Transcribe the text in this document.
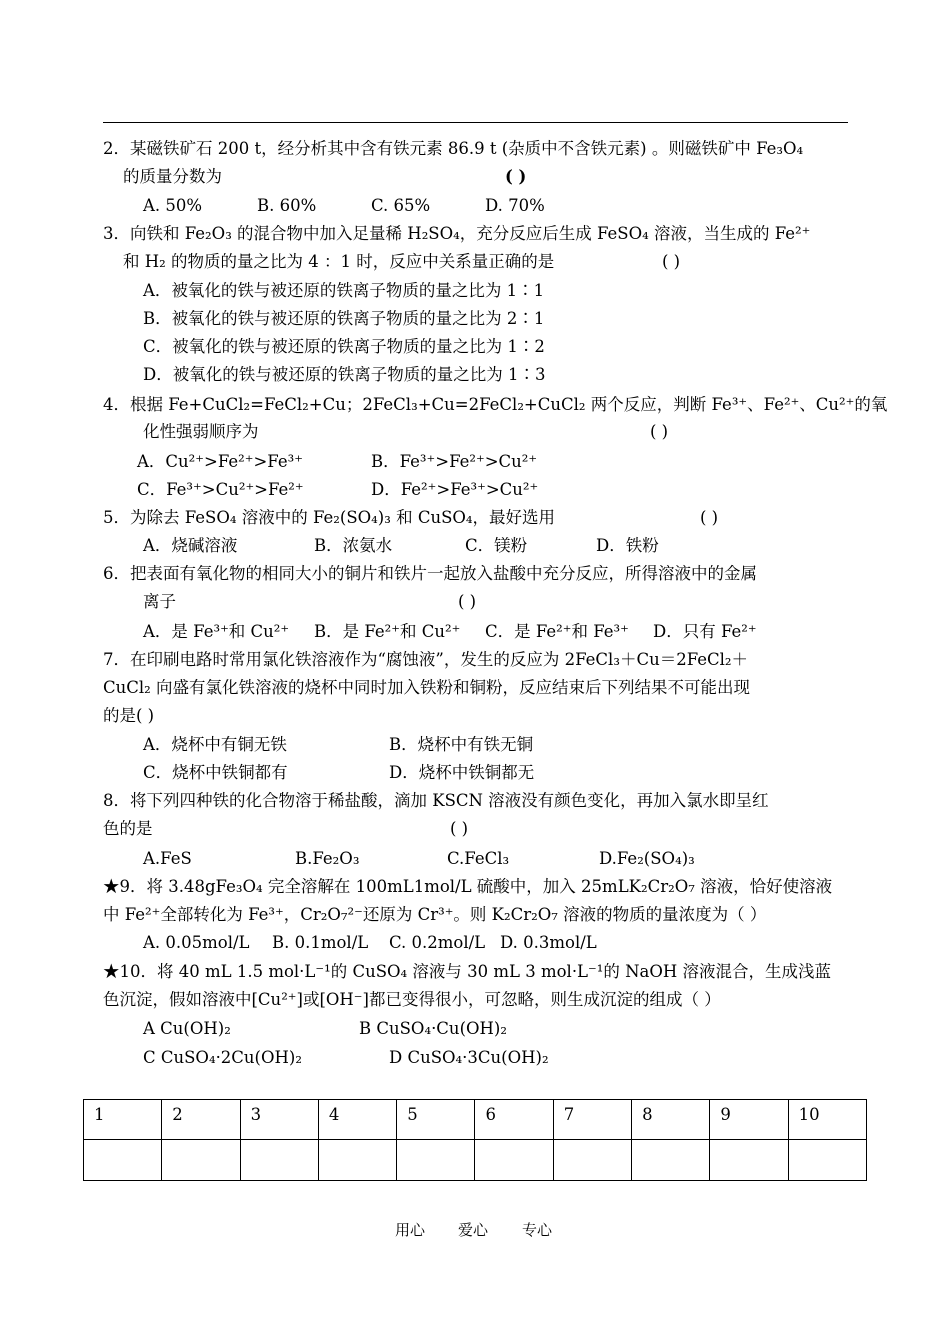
2．某磁铁矿石 200 t，经分析其中含有铁元素 86.9 t (杂质中不含铁元素) 。则磁铁矿中 Fe₃O₄
的质量分数为	( )
A. 50%	B. 60%	C. 65%	D. 70%
3．向铁和 Fe₂O₃ 的混合物中加入足量稀 H₂SO₄，充分反应后生成 FeSO₄ 溶液，当生成的 Fe²⁺
和 H₂ 的物质的量之比为 4 ：1 时，反应中关系量正确的是	( )
A．被氧化的铁与被还原的铁离子物质的量之比为 1∶1
B．被氧化的铁与被还原的铁离子物质的量之比为 2∶1
C．被氧化的铁与被还原的铁离子物质的量之比为 1∶2
D．被氧化的铁与被还原的铁离子物质的量之比为 1∶3
4．根据 Fe+CuCl₂=FeCl₂+Cu；2FeCl₃+Cu=2FeCl₂+CuCl₂ 两个反应，判断 Fe³⁺、Fe²⁺、Cu²⁺的氧
化性强弱顺序为	( )
A．Cu²⁺>Fe²⁺>Fe³⁺	B．Fe³⁺>Fe²⁺>Cu²⁺
C．Fe³⁺>Cu²⁺>Fe²⁺	D．Fe²⁺>Fe³⁺>Cu²⁺
5．为除去 FeSO₄ 溶液中的 Fe₂(SO₄)₃ 和 CuSO₄，最好选用	( )
A．烧碱溶液	B．浓氨水	C．镁粉	D．铁粉
6．把表面有氧化物的相同大小的铜片和铁片一起放入盐酸中充分反应，所得溶液中的金属
离子	( )
A．是 Fe³⁺和 Cu²⁺ B．是 Fe²⁺和 Cu²⁺ C．是 Fe²⁺和 Fe³⁺ D．只有 Fe²⁺
7．在印刷电路时常用氯化铁溶液作为“腐蚀液”，发生的反应为 2FeCl₃＋Cu＝2FeCl₂＋
CuCl₂ 向盛有氯化铁溶液的烧杯中同时加入铁粉和铜粉，反应结束后下列结果不可能出现
的是( )
A．烧杯中有铜无铁	B．烧杯中有铁无铜
C．烧杯中铁铜都有	D．烧杯中铁铜都无
8．将下列四种铁的化合物溶于稀盐酸，滴加 KSCN 溶液没有颜色变化，再加入氯水即呈红
色的是	( )
A.FeS	B.Fe₂O₃	C.FeCl₃	D.Fe₂(SO₄)₃
★9．将 3.48gFe₃O₄ 完全溶解在 100mL1mol/L 硫酸中，加入 25mLK₂Cr₂O₇ 溶液，恰好使溶液
中 Fe²⁺全部转化为 Fe³⁺，Cr₂O₇²⁻还原为 Cr³⁺。则 K₂Cr₂O₇ 溶液的物质的量浓度为（ ）
A. 0.05mol/L B. 0.1mol/L C. 0.2mol/L D. 0.3mol/L
★10．将 40 mL 1.5 mol·L⁻¹的 CuSO₄ 溶液与 30 mL 3 mol·L⁻¹的 NaOH 溶液混合，生成浅蓝
色沉淀，假如溶液中[Cu²⁺]或[OH⁻]都已变得很小，可忽略，则生成沉淀的组成（ ）
A Cu(OH)₂	B CuSO₄·Cu(OH)₂
C CuSO₄·2Cu(OH)₂	D CuSO₄·3Cu(OH)₂
1	2	3	4	5	6	7	8	9	10

用心 爱心 专心
